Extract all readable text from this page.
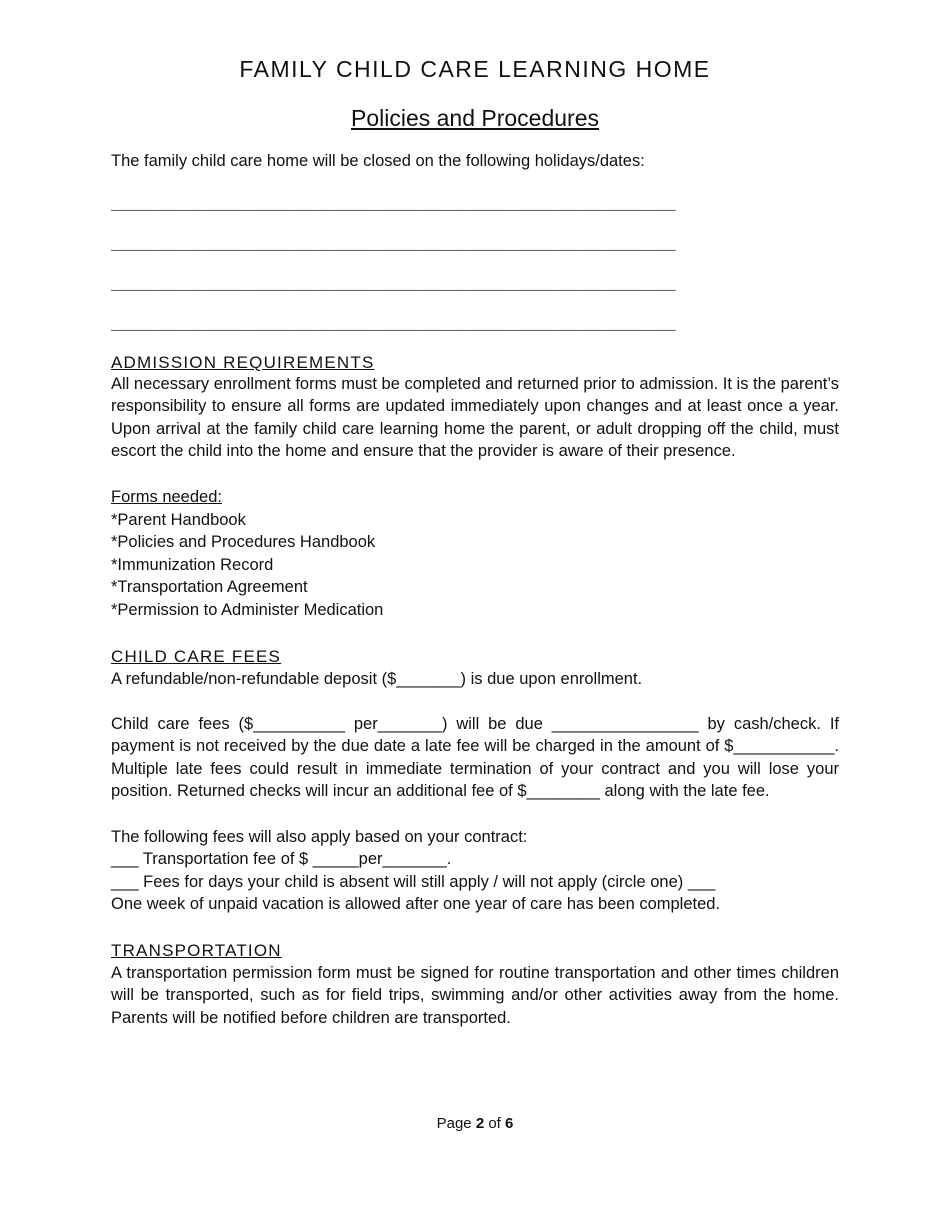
FAMILY CHILD CARE LEARNING HOME
Policies and Procedures
The family child care home will be closed on the following holidays/dates:
______________________________________________________________
______________________________________________________________
______________________________________________________________
______________________________________________________________
ADMISSION REQUIREMENTS
All necessary enrollment forms must be completed and returned prior to admission. It is the parent’s responsibility to ensure all forms are updated immediately upon changes and at least once a year. Upon arrival at the family child care learning home the parent, or adult dropping off the child, must escort the child into the home and ensure that the provider is aware of their presence.
Forms needed:
*Parent Handbook
*Policies and Procedures Handbook
*Immunization Record
*Transportation Agreement
*Permission to Administer Medication
CHILD CARE FEES
A refundable/non-refundable deposit ($_______) is due upon enrollment.
Child care fees ($__________ per_______) will be due ________________ by cash/check. If payment is not received by the due date a late fee will be charged in the amount of $___________. Multiple late fees could result in immediate termination of your contract and you will lose your position. Returned checks will incur an additional fee of $________ along with the late fee.
The following fees will also apply based on your contract:
___ Transportation fee of $ _____per_______.
___ Fees for days your child is absent will still apply / will not apply (circle one) ___
One week of unpaid vacation is allowed after one year of care has been completed.
TRANSPORTATION
A transportation permission form must be signed for routine transportation and other times children will be transported, such as for field trips, swimming and/or other activities away from the home. Parents will be notified before children are transported.
Page 2 of 6
